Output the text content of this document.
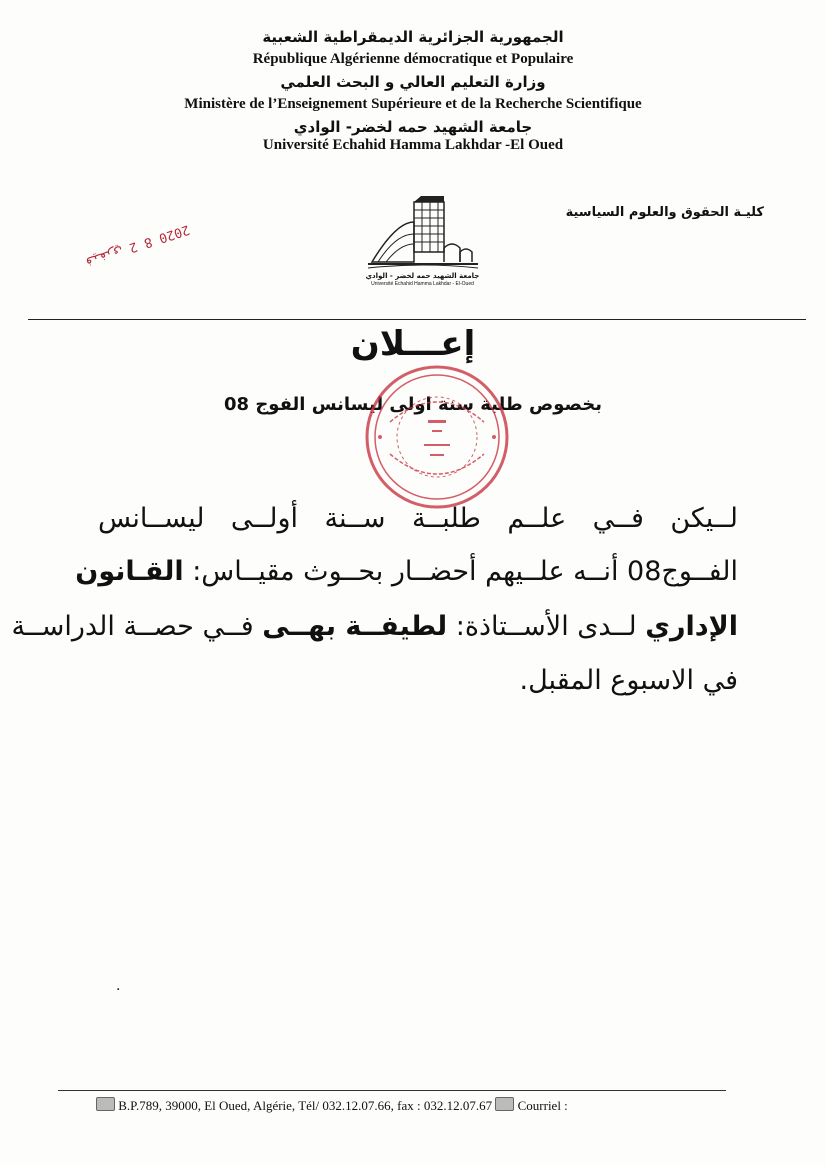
الجمهورية الجزائرية الديمقراطية الشعبية
République Algérienne démocratique et Populaire
وزارة التعليم العالي و البحث العلمي
Ministère de l’Enseignement Supérieure et de la Recherche Scientifique
جامعة الشهيد حمه لخضر- الوادي
Université Echahid Hamma Lakhdar -El Oued
كليـة الحقوق والعلوم السياسية
جامعة الشهيد حمه لخضر - الوادي
Université Echahid Hamma Lakhdar - El-Oued
2020 فيفري 2 8
إعـــلان
بخصوص طلبة سنة اولى ليسانس الفوج 08
لــيكن فــي علــم طلبــة ســنة أولــى ليســانس
الفــوج08 أنــه علــيهم أحضــار بحــوث مقيــاس: القـانون
الإداري لــدى الأســتاذة: لطيفــة بهــى فــي حصــة الدراســة
في الاسبوع المقبل.
.
B.P.789, 39000, El Oued, Algérie, Tél/ 032.12.07.66, fax : 032.12.07.67 Courriel :
